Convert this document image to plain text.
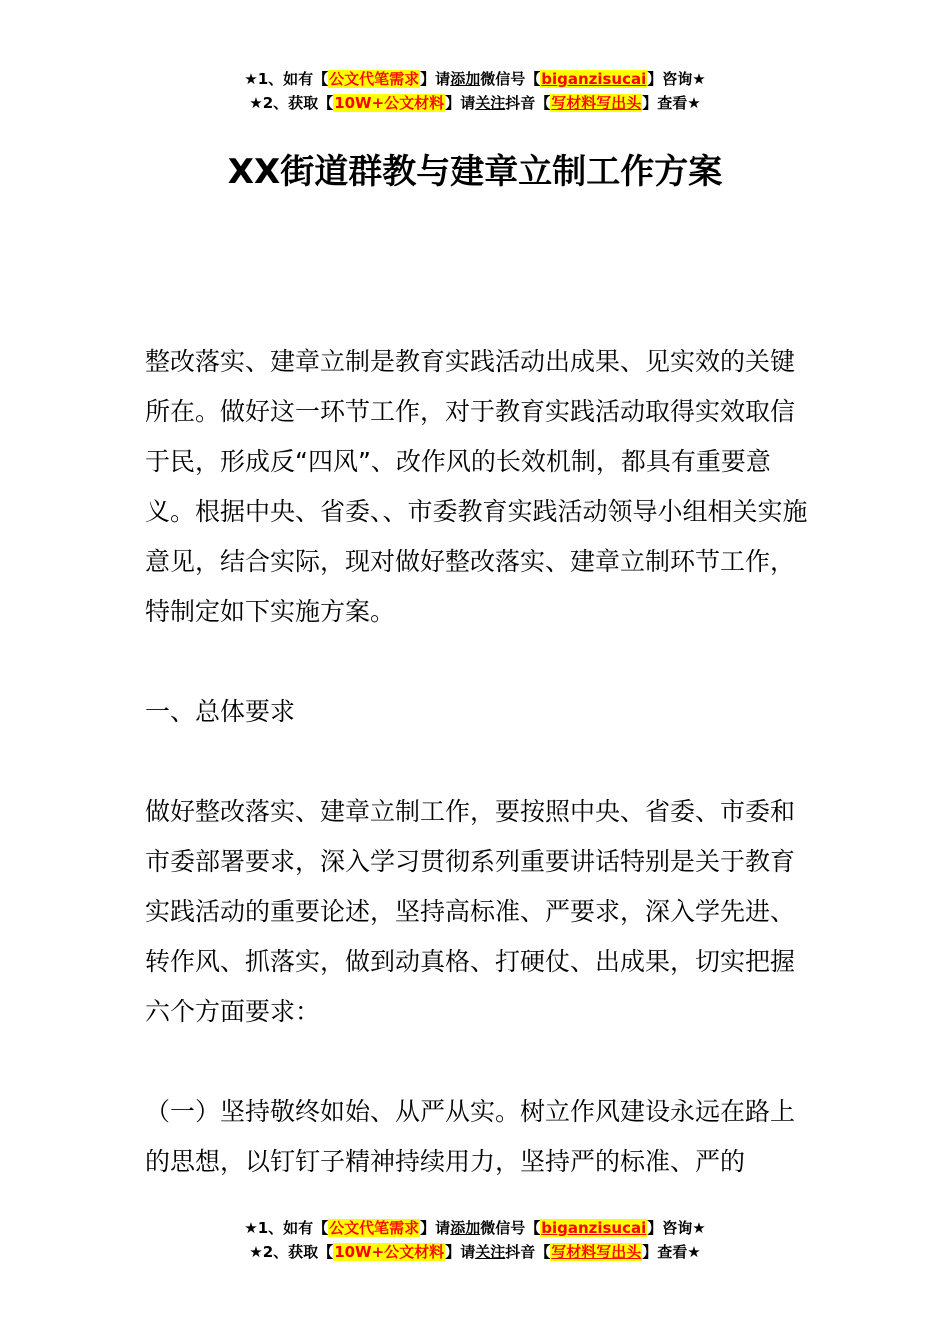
★1、如有【公文代笔需求】请添加微信号【biganzisucai】咨询★
★2、获取【10W+公文材料】请关注抖音【写材料写出头】查看★
XX街道群教与建章立制工作方案

整改落实、建章立制是教育实践活动出成果、见实效的关键所在。做好这一环节工作，对于教育实践活动取得实效取信于民，形成反“四风”、改作风的长效机制，都具有重要意义。根据中央、省委、、市委教育实践活动领导小组相关实施意见，结合实际，现对做好整改落实、建章立制环节工作，特制定如下实施方案。

一、总体要求

做好整改落实、建章立制工作，要按照中央、省委、市委和市委部署要求，深入学习贯彻系列重要讲话特别是关于教育实践活动的重要论述，坚持高标准、严要求，深入学先进、转作风、抓落实，做到动真格、打硬仗、出成果，切实把握六个方面要求：

（一）坚持敬终如始、从严从实。树立作风建设永远在路上的思想，以钉钉子精神持续用力，坚持严的标准、严的

★1、如有【公文代笔需求】请添加微信号【biganzisucai】咨询★
★2、获取【10W+公文材料】请关注抖音【写材料写出头】查看★
